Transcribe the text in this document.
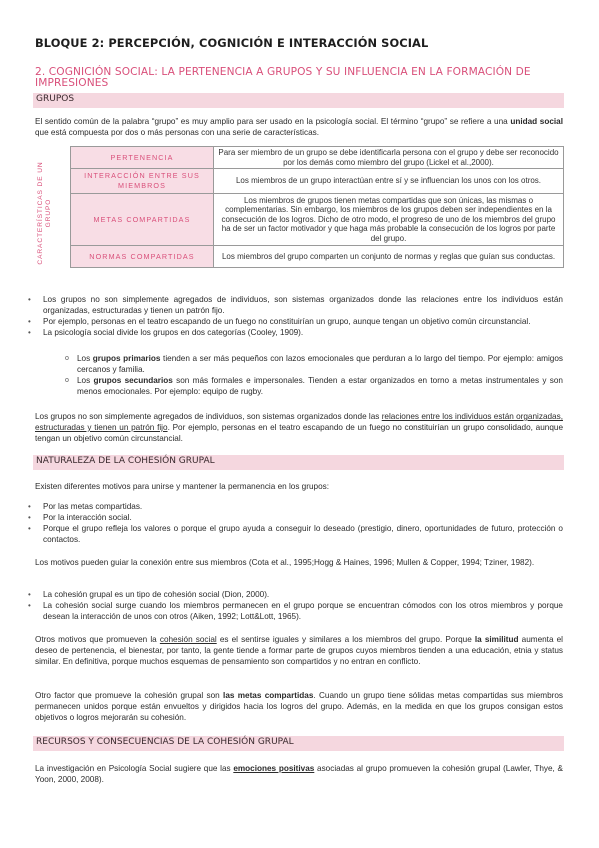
BLOQUE 2: PERCEPCIÓN, COGNICIÓN E INTERACCIÓN SOCIAL
2. COGNICIÓN SOCIAL: LA PERTENENCIA A GRUPOS Y SU INFLUENCIA EN LA FORMACIÓN DE IMPRESIONES
GRUPOS
El sentido común de la palabra “grupo” es muy amplio para ser usado en la psicología social. El término “grupo” se refiere a una unidad social que está compuesta por dos o más personas con una serie de características.
CARACTERÍSTICAS DE UN GRUPO
PERTENENCIA	Para ser miembro de un grupo se debe identificarla persona con el grupo y debe ser reconocido por los demás como miembro del grupo (Lickel et al.,2000).
INTERACCIÓN ENTRE SUS MIEMBROS	Los miembros de un grupo interactúan entre sí y se influencian los unos con los otros.
METAS COMPARTIDAS	Los miembros de grupos tienen metas compartidas que son únicas, las mismas o complementarias. Sin embargo, los miembros de los grupos deben ser independientes en la consecución de los logros. Dicho de otro modo, el progreso de uno de los miembros del grupo ha de ser un factor motivador y que haga más probable la consecución de los logros por parte del grupo.
NORMAS COMPARTIDAS	Los miembros del grupo comparten un conjunto de normas y reglas que guían sus conductas.
• Los grupos no son simplemente agregados de individuos, son sistemas organizados donde las relaciones entre los individuos están organizadas, estructuradas y tienen un patrón fijo.
• Por ejemplo, personas en el teatro escapando de un fuego no constituirían un grupo, aunque tengan un objetivo común circunstancial.
• La psicología social divide los grupos en dos categorías (Cooley, 1909).
o Los grupos primarios tienden a ser más pequeños con lazos emocionales que perduran a lo largo del tiempo. Por ejemplo: amigos cercanos y familia.
o Los grupos secundarios son más formales e impersonales. Tienden a estar organizados en torno a metas instrumentales y son menos emocionales. Por ejemplo: equipo de rugby.
Los grupos no son simplemente agregados de individuos, son sistemas organizados donde las relaciones entre los individuos están organizadas, estructuradas y tienen un patrón fijo. Por ejemplo, personas en el teatro escapando de un fuego no constituirían un grupo consolidado, aunque tengan un objetivo común circunstancial.
NATURALEZA DE LA COHESIÓN GRUPAL
Existen diferentes motivos para unirse y mantener la permanencia en los grupos:
• Por las metas compartidas.
• Por la interacción social.
• Porque el grupo refleja los valores o porque el grupo ayuda a conseguir lo deseado (prestigio, dinero, oportunidades de futuro, protección o contactos.
Los motivos pueden guiar la conexión entre sus miembros (Cota et al., 1995;Hogg & Haines, 1996; Mullen & Copper, 1994; Tziner, 1982).
• La cohesión grupal es un tipo de cohesión social (Dion, 2000).
• La cohesión social surge cuando los miembros permanecen en el grupo porque se encuentran cómodos con los otros miembros y porque desean la interacción de unos con otros (Aiken, 1992; Lott&Lott, 1965).
Otros motivos que promueven la cohesión social es el sentirse iguales y similares a los miembros del grupo. Porque la similitud aumenta el deseo de pertenencia, el bienestar, por tanto, la gente tiende a formar parte de grupos cuyos miembros tienden a una educación, etnia y status similar. En definitiva, porque muchos esquemas de pensamiento son compartidos y no entran en conflicto.
Otro factor que promueve la cohesión grupal son las metas compartidas. Cuando un grupo tiene sólidas metas compartidas sus miembros permanecen unidos porque están envueltos y dirigidos hacia los logros del grupo. Además, en la medida en que los grupos consigan estos objetivos o logros mejorarán su cohesión.
RECURSOS Y CONSECUENCIAS DE LA COHESIÓN GRUPAL
La investigación en Psicología Social sugiere que las emociones positivas asociadas al grupo promueven la cohesión grupal (Lawler, Thye, & Yoon, 2000, 2008).
